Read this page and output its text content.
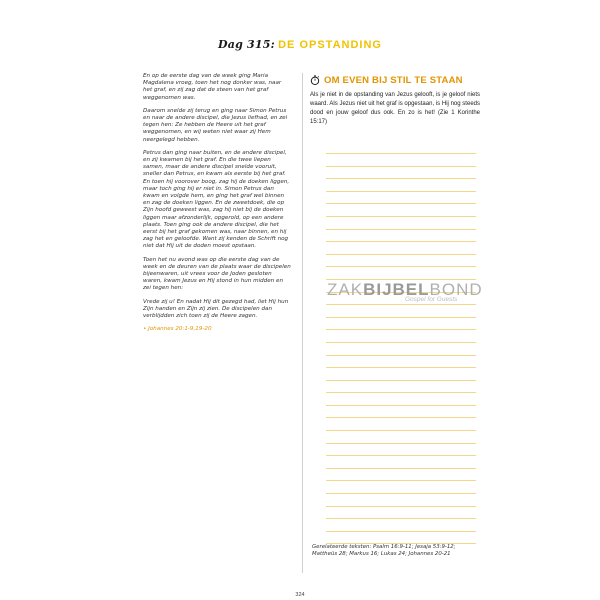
Dag 315: DE OPSTANDING

En op de eerste dag van de week ging Maria Magdalena vroeg, toen het nog donker was, naar het graf, en zij zag dat de steen van het graf weggenomen was.

Daarom snelde zij terug en ging naar Simon Petrus en naar de andere discipel, die Jezus liefhad, en zei tegen hen: Ze hebben de Heere uit het graf weggenomen, en wij weten niet waar zij Hem neergelegd hebben.

Petrus dan ging naar buiten, en de andere discipel, en zij kwamen bij het graf. En die twee liepen samen, maar de andere discipel snelde vooruit, sneller dan Petrus, en kwam als eerste bij het graf. En toen hij voorover boog, zag hij de doeken liggen, maar toch ging hij er niet in. Simon Petrus dan kwam en volgde hem, en ging het graf wel binnen en zag de doeken liggen. En de zweetdoek, die op Zijn hoofd geweest was, zag hij niet bij de doeken liggen maar afzonderlijk, opgerold, op een andere plaats. Toen ging ook de andere discipel, die het eerst bij het graf gekomen was, naar binnen, en hij zag het en geloofde. Want zij kenden de Schrift nog niet dat Hij uit de doden moest opstaan.

Toen het nu avond was op die eerste dag van de week en de deuren van de plaats waar de discipelen bijeenwaren, uit vrees voor de Joden gesloten waren, kwam Jezus en Hij stond in hun midden en zei tegen hen:

Vrede zij u! En nadat Hij dit gezegd had, liet Hij hun Zijn handen en Zijn zij zien. De discipelen dan verblijdden zich toen zij de Heere zagen.

• Johannes 20:1-9,19-20

OM EVEN BIJ STIL TE STAAN
Als je niet in de opstanding van Jezus gelooft, is je geloof niets waard. Als Jezus niet uit het graf is opgestaan, is Hij nog steeds dood en jouw geloof dus ook. En zo is het! (Zie 1 Korinthe 15:17)
ZAKBIJBELBOND
Gospel for Guests
Gerelateerde teksten: Psalm 16:9-11; Jesaja 53:9-12; Mattheüs 28; Markus 16; Lukas 24; Johannes 20-21
324
